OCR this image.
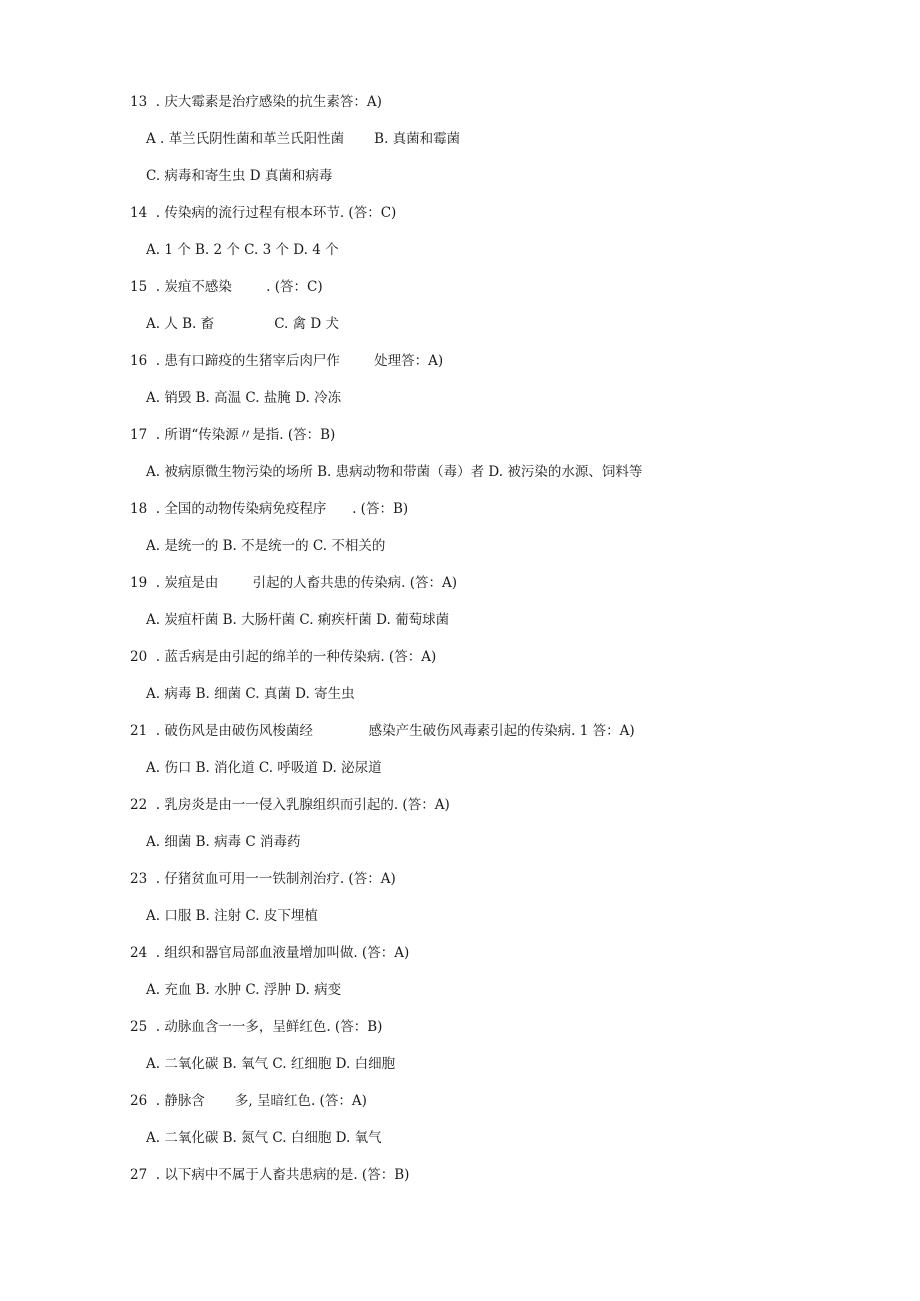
13  . 庆大霉素是治疗感染的抗生素答：A)
A . 革兰氏阴性菌和革兰氏阳性菌       B. 真菌和霉菌
C. 病毒和寄生虫 D 真菌和病毒
14  . 传染病的流行过程有根本环节. (答：C)
A. 1 个 B. 2 个 C. 3 个 D. 4 个
15  . 炭疽不感染        . (答：C)
A. 人 B. 畜              C. 禽 D 犬
16  . 患有口蹄疫的生猪宰后肉尸作        处理答：A)
A. 销毁 B. 高温 C. 盐腌 D. 冷冻
17  . 所谓“传染源〃是指. (答：B)
A. 被病原微生物污染的场所 B. 患病动物和带菌（毒）者 D. 被污染的水源、饲料等
18  . 全国的动物传染病免疫程序      . (答：B)
A. 是统一的 B. 不是统一的 C. 不相关的
19  . 炭疽是由        引起的人畜共患的传染病. (答：A)
A. 炭疽杆菌 B. 大肠杆菌 C. 痢疾杆菌 D. 葡萄球菌
20  . 蓝舌病是由引起的绵羊的一种传染病. (答：A)
A. 病毒 B. 细菌 C. 真菌 D. 寄生虫
21  . 破伤风是由破伤风梭菌经             感染产生破伤风毒素引起的传染病. 1 答：A)
A. 伤口 B. 消化道 C. 呼吸道 D. 泌尿道
22  . 乳房炎是由一一侵入乳腺组织而引起的. (答：A)
A. 细菌 B. 病毒 C 消毒药
23  . 仔猪贫血可用一一铁制剂治疗. (答：A)
A. 口服 B. 注射 C. 皮下埋植
24  . 组织和器官局部血液量增加叫做. (答：A)
A. 充血 B. 水肿 C. 浮肿 D. 病变
25  . 动脉血含一一多，呈鲜红色. (答：B)
A. 二氧化碳 B. 氧气 C. 红细胞 D. 白细胞
26  . 静脉含       多, 呈暗红色. (答：A)
A. 二氧化碳 B. 氮气 C. 白细胞 D. 氧气
27  . 以下病中不属于人畜共患病的是. (答：B)
